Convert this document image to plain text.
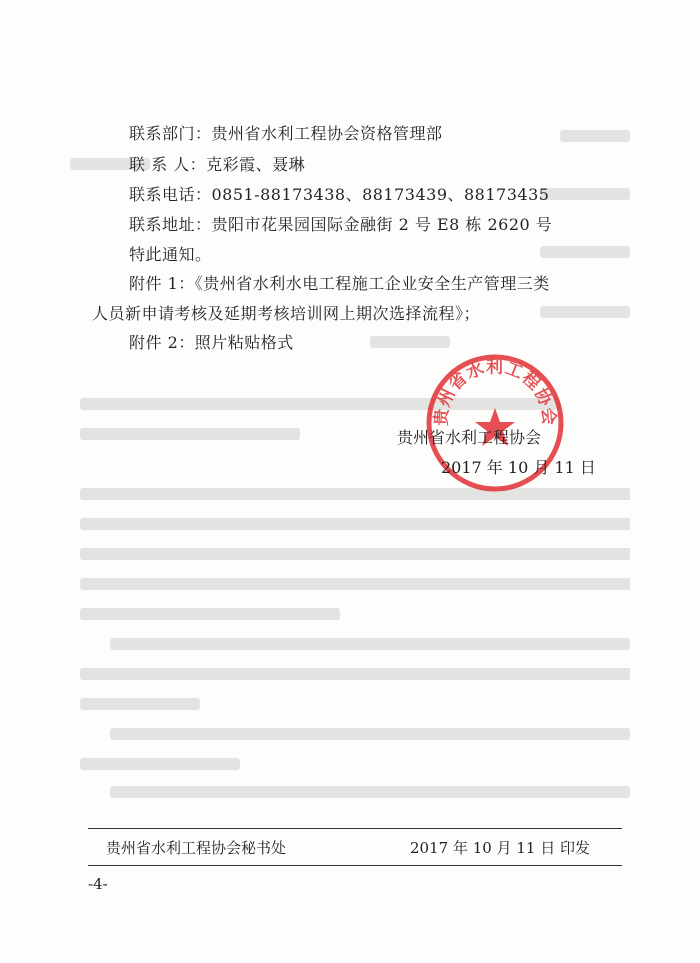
联系部门：贵州省水利工程协会资格管理部
联 系 人：克彩霞、聂琳
联系电话：0851-88173438、88173439、88173435
联系地址：贵阳市花果园国际金融街 2 号 E8 栋 2620 号
特此通知。
附件 1：《贵州省水利水电工程施工企业安全生产管理三类
人员新申请考核及延期考核培训网上期次选择流程》；
附件 2：照片粘贴格式
贵州省水利工程协会
贵州省水利工程协会
2017 年 10 月 11 日
贵州省水利工程协会秘书处	2017 年 10 月 11 日 印发
-4-
